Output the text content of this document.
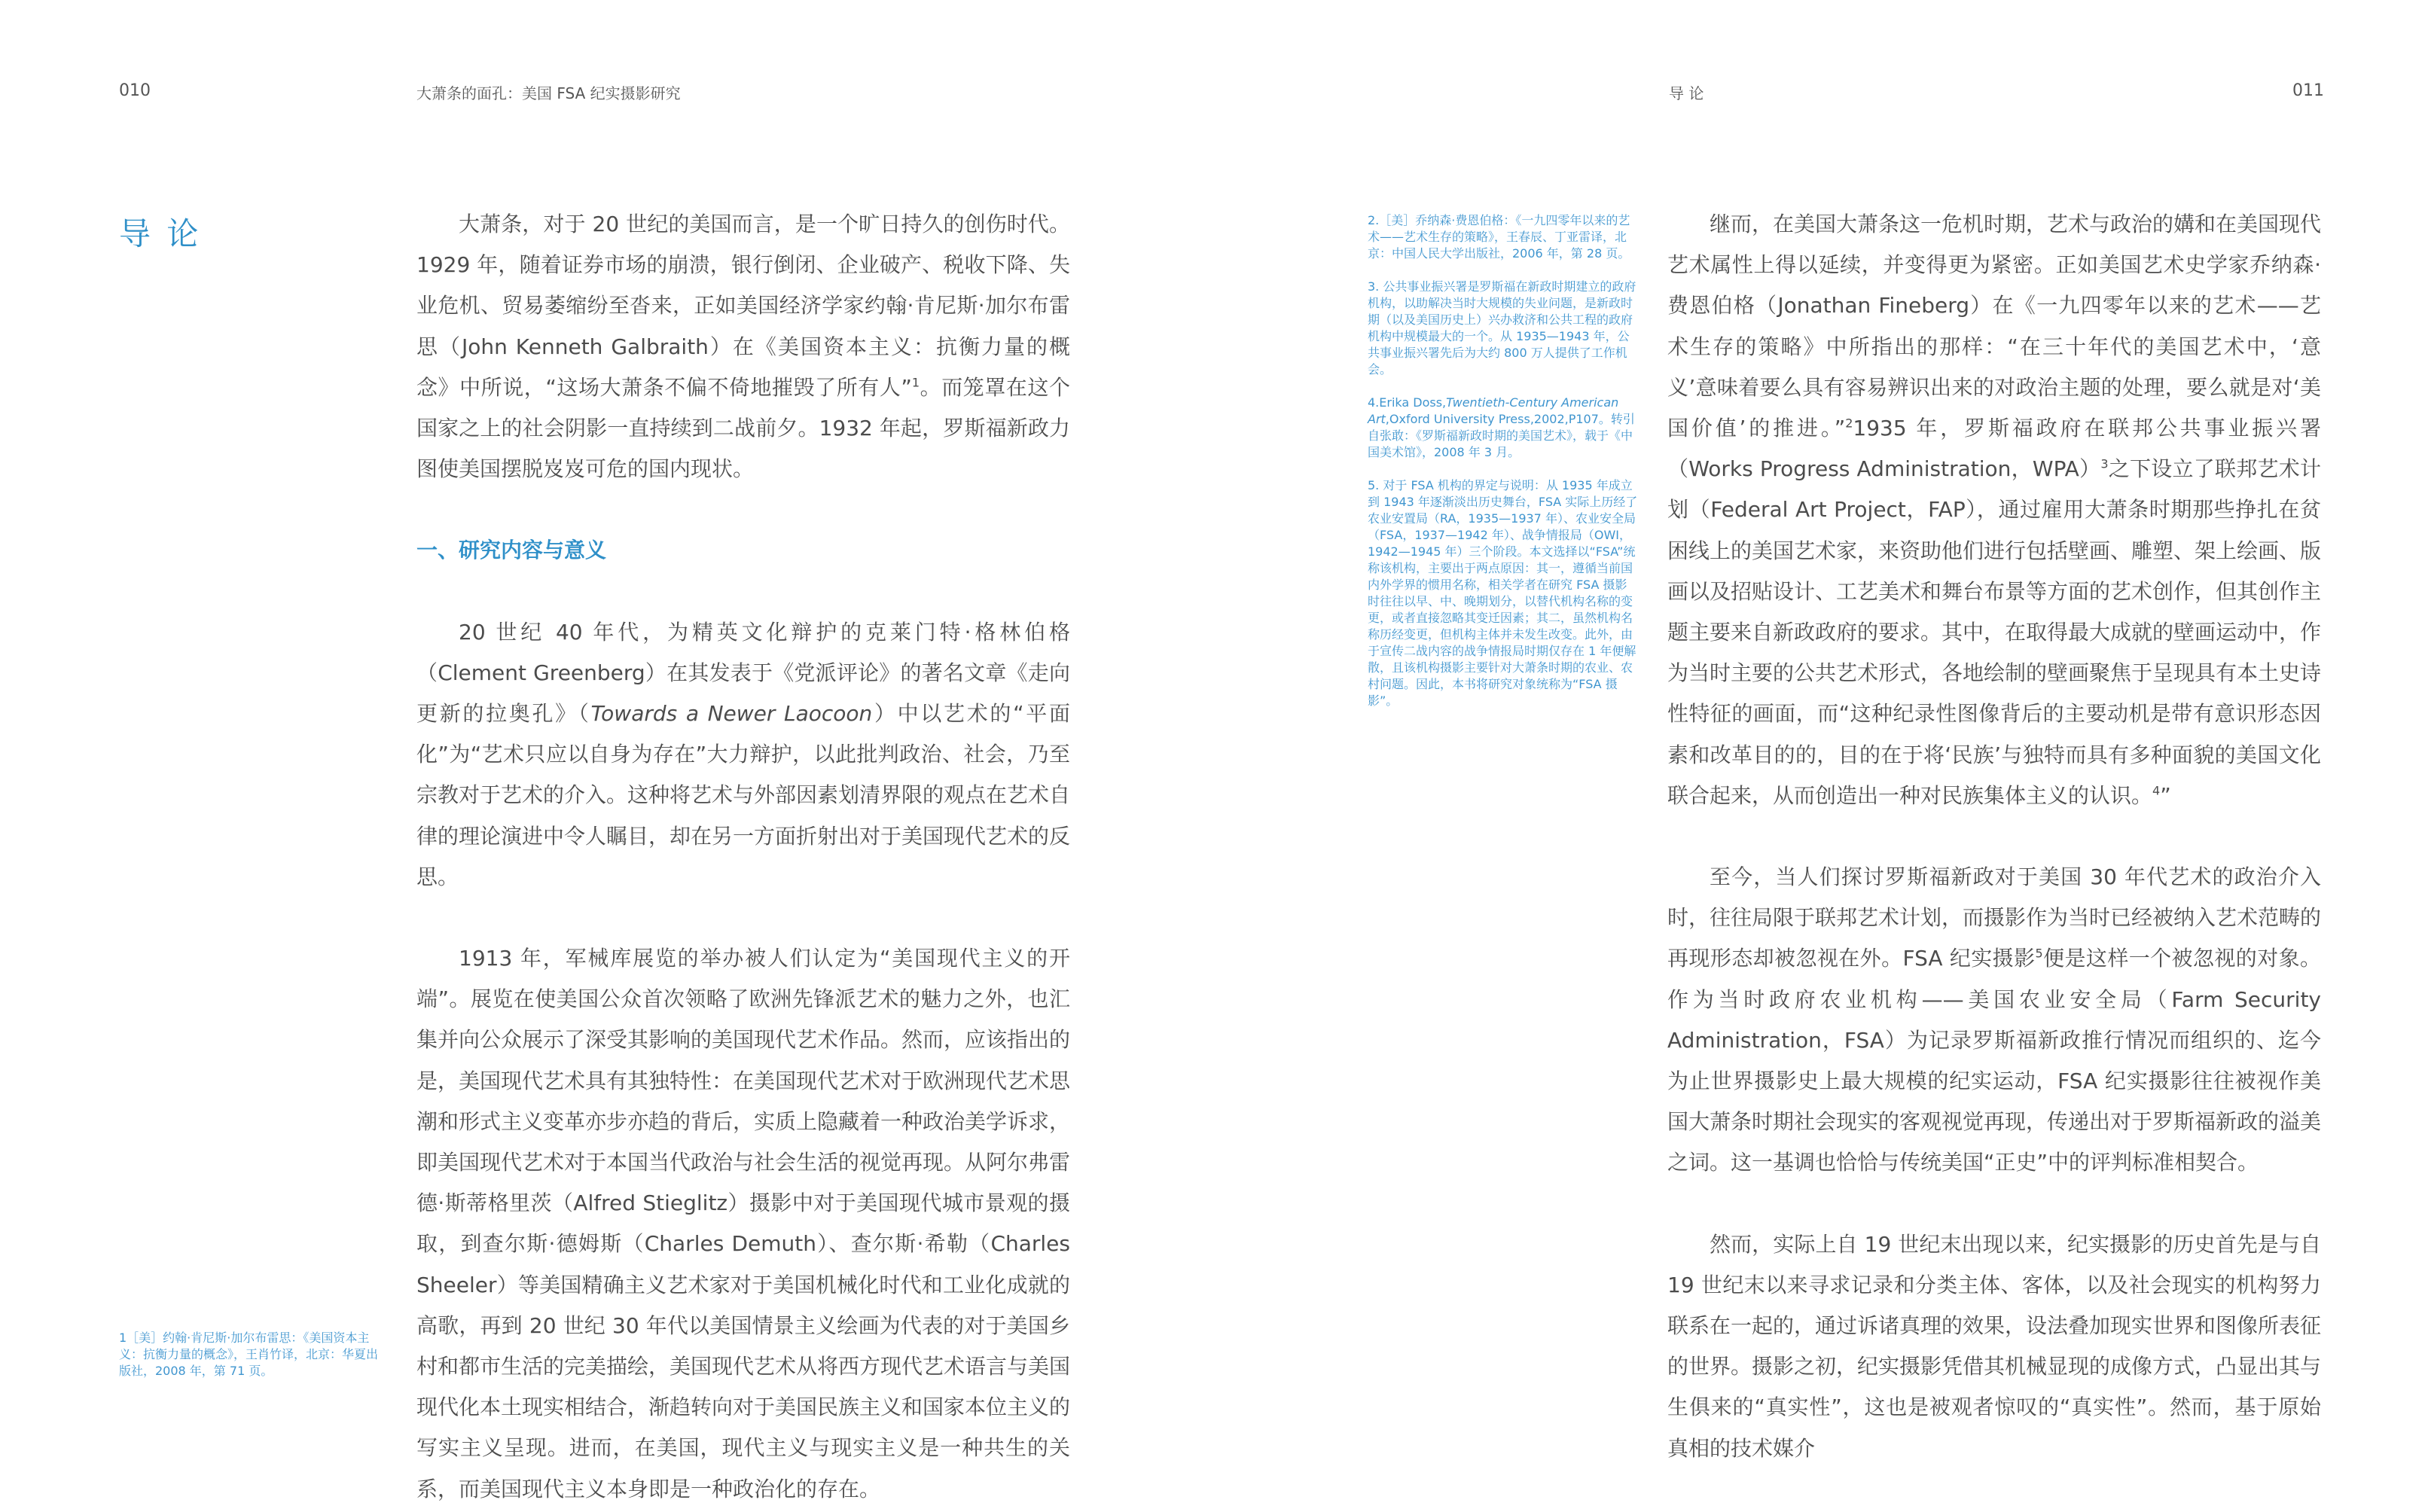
010	大萧条的面孔：美国 FSA 纪实摄影研究	导 论	011
导 论	大萧条，对于 20 世纪的美国而言，是一个旷日持久的创伤时代。1929 年，随着证券市场的崩溃，银行倒闭、企业破产、税收下降、失业危机、贸易萎缩纷至沓来，正如美国经济学家约翰·肯尼斯·加尔布雷思（John Kenneth Galbraith）在《美国资本主义：抗衡力量的概念》中所说，“这场大萧条不偏不倚地摧毁了所有人”$^1$。而笼罩在这个国家之上的社会阴影一直持续到二战前夕。1932 年起，罗斯福新政力图使美国摆脱岌岌可危的国内现状。

一、研究内容与意义

20 世纪 40 年代，为精英文化辩护的克莱门特·格林伯格（Clement Greenberg）在其发表于《党派评论》的著名文章《走向更新的拉奥孔》（Towards a Newer Laocoon）中以艺术的“平面化”为“艺术只应以自身为存在”大力辩护，以此批判政治、社会，乃至宗教对于艺术的介入。这种将艺术与外部因素划清界限的观点在艺术自律的理论演进中令人瞩目，却在另一方面折射出对于美国现代艺术的反思。

1913 年，军械库展览的举办被人们认定为“美国现代主义的开端”。展览在使美国公众首次领略了欧洲先锋派艺术的魅力之外，也汇集并向公众展示了深受其影响的美国现代艺术作品。然而，应该指出的是，美国现代艺术具有其独特性：在美国现代艺术对于欧洲现代艺术思潮和形式主义变革亦步亦趋的背后，实质上隐藏着一种政治美学诉求，即美国现代艺术对于本国当代政治与社会生活的视觉再现。从阿尔弗雷德·斯蒂格里茨（Alfred Stieglitz）摄影中对于美国现代城市景观的摄取，到查尔斯·德姆斯（Charles Demuth）、查尔斯·希勒（Charles Sheeler）等美国精确主义艺术家对于美国机械化时代和工业化成就的高歌，再到 20 世纪 30 年代以美国情景主义绘画为代表的对于美国乡村和都市生活的完美描绘，美国现代艺术从将西方现代艺术语言与美国现代化本土现实相结合，渐趋转向对于美国民族主义和国家本位主义的写实主义呈现。进而，在美国，现代主义与现实主义是一种共生的关系，而美国现代主义本身即是一种政治化的存在。

1［美］约翰·肯尼斯·加尔布雷思：《美国资本主义：抗衡力量的概念》，王肖竹译，北京：华夏出版社，2008 年，第 71 页。

2.［美］乔纳森·费恩伯格：《一九四零年以来的艺术——艺术生存的策略》，王春辰、丁亚雷译，北京：中国人民大学出版社，2006 年，第 28 页。

3. 公共事业振兴署是罗斯福在新政时期建立的政府机构，以助解决当时大规模的失业问题，是新政时期（以及美国历史上）兴办救济和公共工程的政府机构中规模最大的一个。从 1935—1943 年，公共事业振兴署先后为大约 800 万人提供了工作机会。

4.Erika Doss,Twentieth-Century American Art,Oxford University Press,2002,P107。转引自张敢：《罗斯福新政时期的美国艺术》，载于《中国美术馆》，2008 年 3 月。

5. 对于 FSA 机构的界定与说明：从 1935 年成立到 1943 年逐渐淡出历史舞台，FSA 实际上历经了农业安置局（RA，1935—1937 年）、农业安全局（FSA，1937—1942 年）、战争情报局（OWI，1942—1945 年）三个阶段。本文选择以“FSA”统称该机构，主要出于两点原因：其一，遵循当前国内外学界的惯用名称，相关学者在研究 FSA 摄影时往往以早、中、晚期划分，以替代机构名称的变更，或者直接忽略其变迁因素；其二，虽然机构名称历经变更，但机构主体并未发生改变。此外，由于宣传二战内容的战争情报局时期仅存在 1 年便解散，且该机构摄影主要针对大萧条时期的农业、农村问题。因此，本书将研究对象统称为“FSA 摄影”。

继而，在美国大萧条这一危机时期，艺术与政治的媾和在美国现代艺术属性上得以延续，并变得更为紧密。正如美国艺术史学家乔纳森·费恩伯格（Jonathan Fineberg）在《一九四零年以来的艺术——艺术生存的策略》中所指出的那样：“在三十年代的美国艺术中，‘意义’意味着要么具有容易辨识出来的对政治主题的处理，要么就是对‘美国价值’的推进。”$^2$1935 年，罗斯福政府在联邦公共事业振兴署（Works Progress Administration，WPA）$^3$之下设立了联邦艺术计划（Federal Art Project，FAP），通过雇用大萧条时期那些挣扎在贫困线上的美国艺术家，来资助他们进行包括壁画、雕塑、架上绘画、版画以及招贴设计、工艺美术和舞台布景等方面的艺术创作，但其创作主题主要来自新政政府的要求。其中，在取得最大成就的壁画运动中，作为当时主要的公共艺术形式，各地绘制的壁画聚焦于呈现具有本土史诗性特征的画面，而“这种纪录性图像背后的主要动机是带有意识形态因素和改革目的的，目的在于将‘民族’与独特而具有多种面貌的美国文化联合起来，从而创造出一种对民族集体主义的认识。$^4$”

至今，当人们探讨罗斯福新政对于美国 30 年代艺术的政治介入时，往往局限于联邦艺术计划，而摄影作为当时已经被纳入艺术范畴的再现形态却被忽视在外。FSA 纪实摄影$^5$便是这样一个被忽视的对象。作为当时政府农业机构——美国农业安全局（Farm Security Administration，FSA）为记录罗斯福新政推行情况而组织的、迄今为止世界摄影史上最大规模的纪实运动，FSA 纪实摄影往往被视作美国大萧条时期社会现实的客观视觉再现，传递出对于罗斯福新政的溢美之词。这一基调也恰恰与传统美国“正史”中的评判标准相契合。

然而，实际上自 19 世纪末出现以来，纪实摄影的历史首先是与自 19 世纪末以来寻求记录和分类主体、客体，以及社会现实的机构努力联系在一起的，通过诉诸真理的效果，设法叠加现实世界和图像所表征的世界。摄影之初，纪实摄影凭借其机械显现的成像方式，凸显出其与生俱来的“真实性”，这也是被观者惊叹的“真实性”。然而，基于原始真相的技术媒介
